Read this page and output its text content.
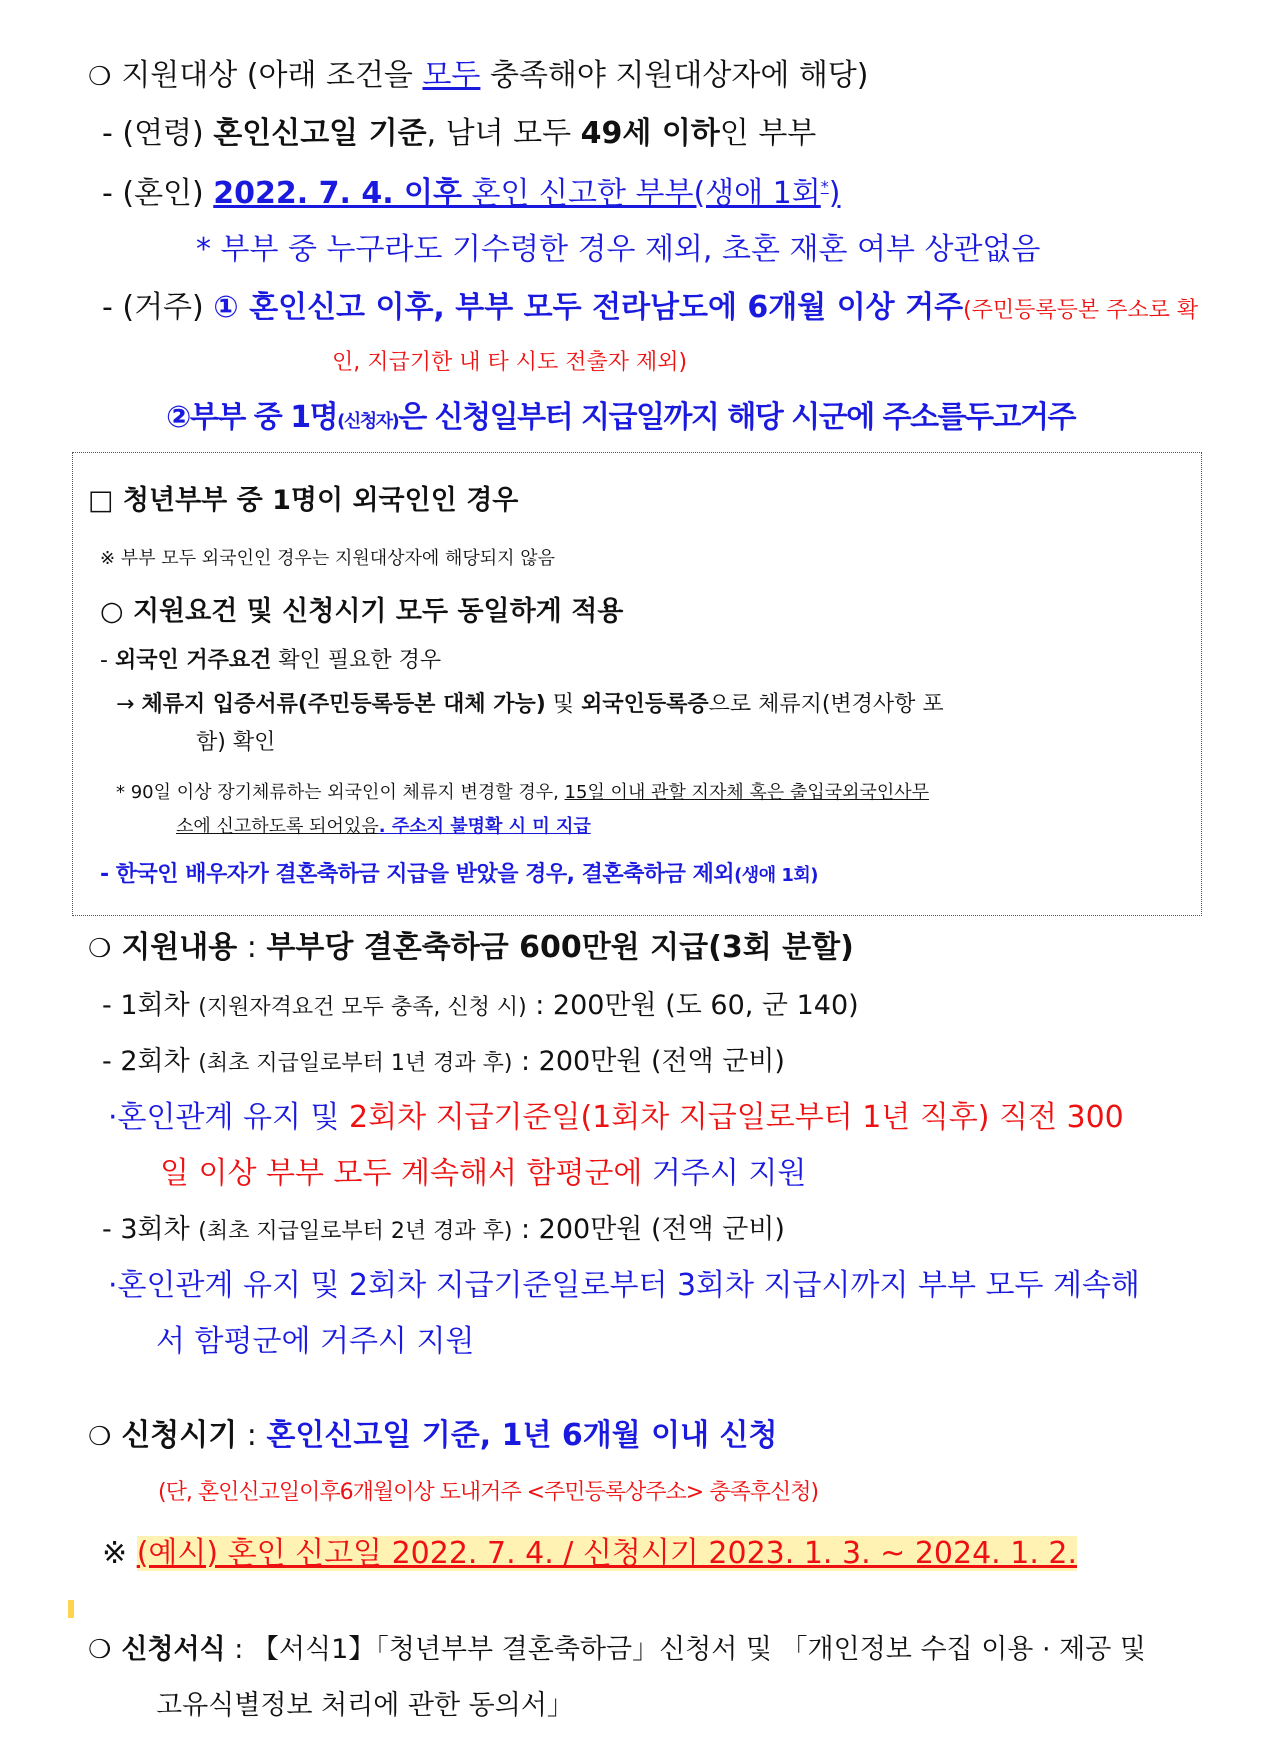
❍ 지원대상 (아래 조건을 모두 충족해야 지원대상자에 해당)
- (연령) 혼인신고일 기준, 남녀 모두 49세 이하인 부부
- (혼인) 2022. 7. 4. 이후 혼인 신고한 부부(생애 1회*)
* 부부 중 누구라도 기수령한 경우 제외, 초혼 재혼 여부 상관없음
- (거주) ① 혼인신고 이후, 부부 모두 전라남도에 6개월 이상 거주(주민등록등본 주소로 확
인, 지급기한 내 타 시도 전출자 제외)
②부부 중 1명(신청자)은 신청일부터 지급일까지 해당 시군에 주소를두고거주
□ 청년부부 중 1명이 외국인인 경우
※ 부부 모두 외국인인 경우는 지원대상자에 해당되지 않음
○ 지원요건 및 신청시기 모두 동일하게 적용
- 외국인 거주요건 확인 필요한 경우
→ 체류지 입증서류(주민등록등본 대체 가능) 및 외국인등록증으로 체류지(변경사항 포
함) 확인
* 90일 이상 장기체류하는 외국인이 체류지 변경할 경우, 15일 이내 관할 지자체 혹은 출입국외국인사무
소에 신고하도록 되어있음. 주소지 불명확 시 미 지급
- 한국인 배우자가 결혼축하금 지급을 받았을 경우, 결혼축하금 제외(생애 1회)
❍ 지원내용 : 부부당 결혼축하금 600만원 지급(3회 분할)
- 1회차 (지원자격요건 모두 충족, 신청 시) : 200만원 (도 60, 군 140)
- 2회차 (최초 지급일로부터 1년 경과 후) : 200만원 (전액 군비)
·혼인관계 유지 및 2회차 지급기준일(1회차 지급일로부터 1년 직후) 직전 300
일 이상 부부 모두 계속해서 함평군에 거주시 지원
- 3회차 (최초 지급일로부터 2년 경과 후) : 200만원 (전액 군비)
·혼인관계 유지 및 2회차 지급기준일로부터 3회차 지급시까지 부부 모두 계속해
서 함평군에 거주시 지원
❍ 신청시기 : 혼인신고일 기준, 1년 6개월 이내 신청
(단, 혼인신고일이후6개월이상 도내거주 <주민등록상주소> 충족후신청)
※ (예시) 혼인 신고일 2022. 7. 4. / 신청시기 2023. 1. 3. ~ 2024. 1. 2.
❍ 신청서식 : 【서식1】「청년부부 결혼축하금」신청서 및 「개인정보 수집 이용 · 제공 및
고유식별정보 처리에 관한 동의서」
